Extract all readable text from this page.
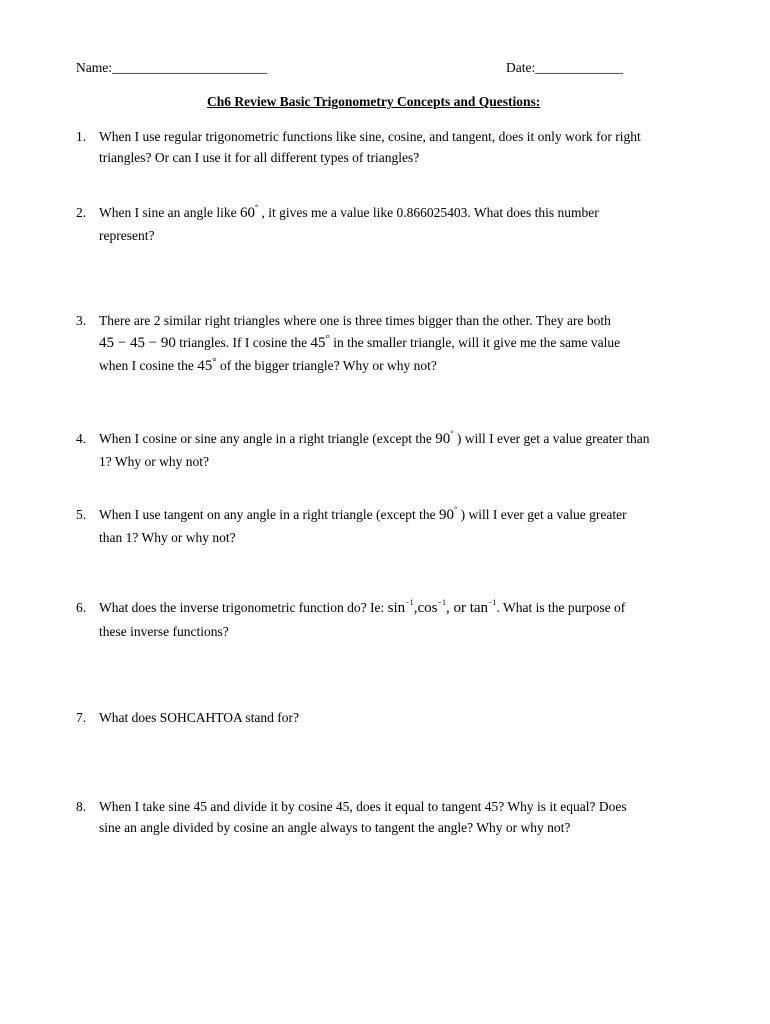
Name:_______________________	Date:_____________
Ch6 Review Basic Trigonometry Concepts and Questions:
1. When I use regular trigonometric functions like sine, cosine, and tangent, does it only work for right
triangles? Or can I use it for all different types of triangles?
2. When I sine an angle like 60° , it gives me a value like 0.866025403. What does this number
represent?
3. There are 2 similar right triangles where one is three times bigger than the other. They are both
45 − 45 − 90 triangles. If I cosine the 45° in the smaller triangle, will it give me the same value
when I cosine the 45° of the bigger triangle? Why or why not?
4. When I cosine or sine any angle in a right triangle (except the 90° ) will I ever get a value greater than
1? Why or why not?
5. When I use tangent on any angle in a right triangle (except the 90° ) will I ever get a value greater
than 1? Why or why not?
6. What does the inverse trigonometric function do? Ie: $\sin^{-1},\cos^{-1}$, or $\tan^{-1}$. What is the purpose of
these inverse functions?
7. What does SOHCAHTOA stand for?
8. When I take sine 45 and divide it by cosine 45, does it equal to tangent 45? Why is it equal? Does
sine an angle divided by cosine an angle always to tangent the angle? Why or why not?
